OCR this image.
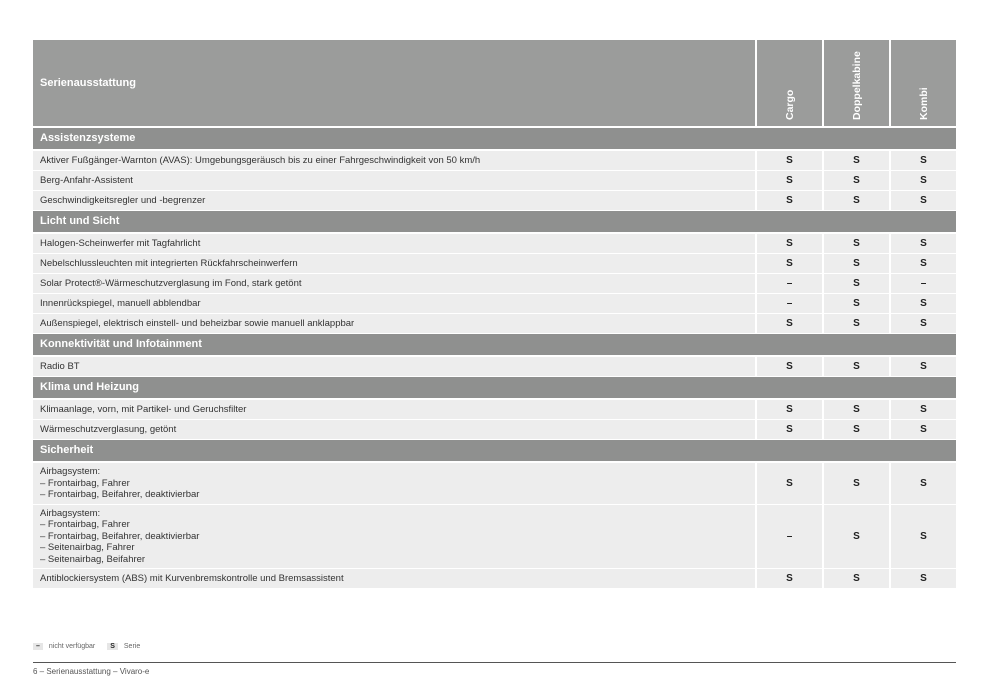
Serienausstattung
Cargo	Doppelkabine	Kombi
Assistenzsysteme
Aktiver Fußgänger-Warnton (AVAS): Umgebungsgeräusch bis zu einer Fahrgeschwindigkeit von 50 km/h	S	S	S
Berg-Anfahr-Assistent	S	S	S
Geschwindigkeitsregler und -begrenzer	S	S	S
Licht und Sicht
Halogen-Scheinwerfer mit Tagfahrlicht	S	S	S
Nebelschlussleuchten mit integrierten Rückfahrscheinwerfern	S	S	S
Solar Protect®-Wärmeschutzverglasung im Fond, stark getönt	–	S	–
Innenrückspiegel, manuell abblendbar	–	S	S
Außenspiegel, elektrisch einstell- und beheizbar sowie manuell anklappbar	S	S	S
Konnektivität und Infotainment
Radio BT	S	S	S
Klima und Heizung
Klimaanlage, vorn, mit Partikel- und Geruchsfilter	S	S	S
Wärmeschutzverglasung, getönt	S	S	S
Sicherheit
Airbagsystem:
– Frontairbag, Fahrer
– Frontairbag, Beifahrer, deaktivierbar
S	S	S
Airbagsystem:
– Frontairbag, Fahrer
– Frontairbag, Beifahrer, deaktivierbar
– Seitenairbag, Fahrer
– Seitenairbag, Beifahrer
–	S	S
Antiblockiersystem (ABS) mit Kurvenbremskontrolle und Bremsassistent	S	S	S
–	nicht verfügbar	S	Serie
6 – Serienausstattung – Vivaro-e
